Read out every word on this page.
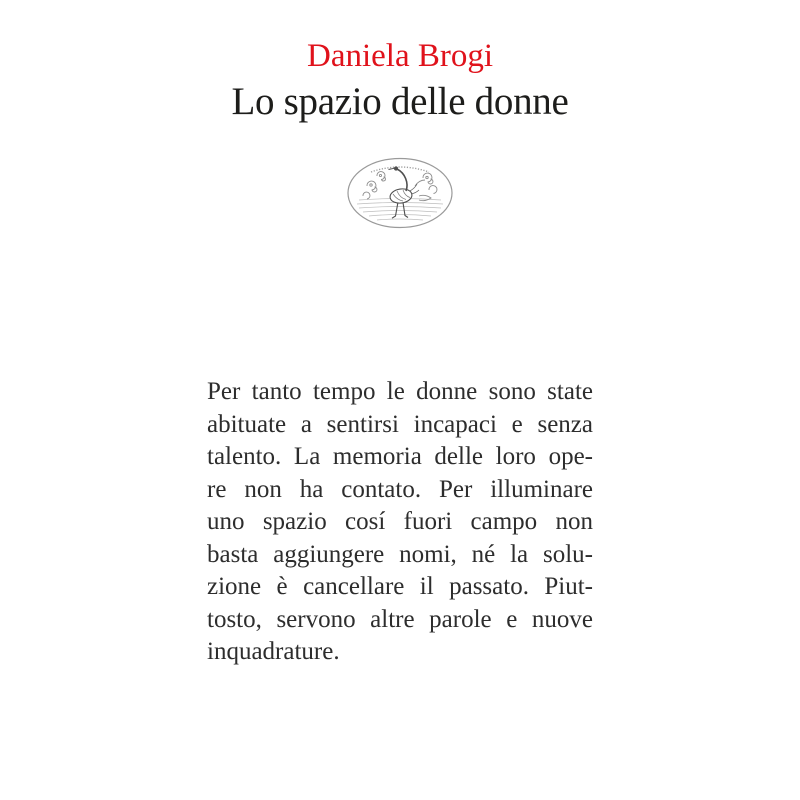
Daniela Brogi
Lo spazio delle donne
Per tanto tempo le donne sono state
abituate a sentirsi incapaci e senza
talento. La memoria delle loro ope-
re non ha contato. Per illuminare
uno spazio cosí fuori campo non
basta aggiungere nomi, né la solu-
zione è cancellare il passato. Piut-
tosto, servono altre parole e nuove
inquadrature.
